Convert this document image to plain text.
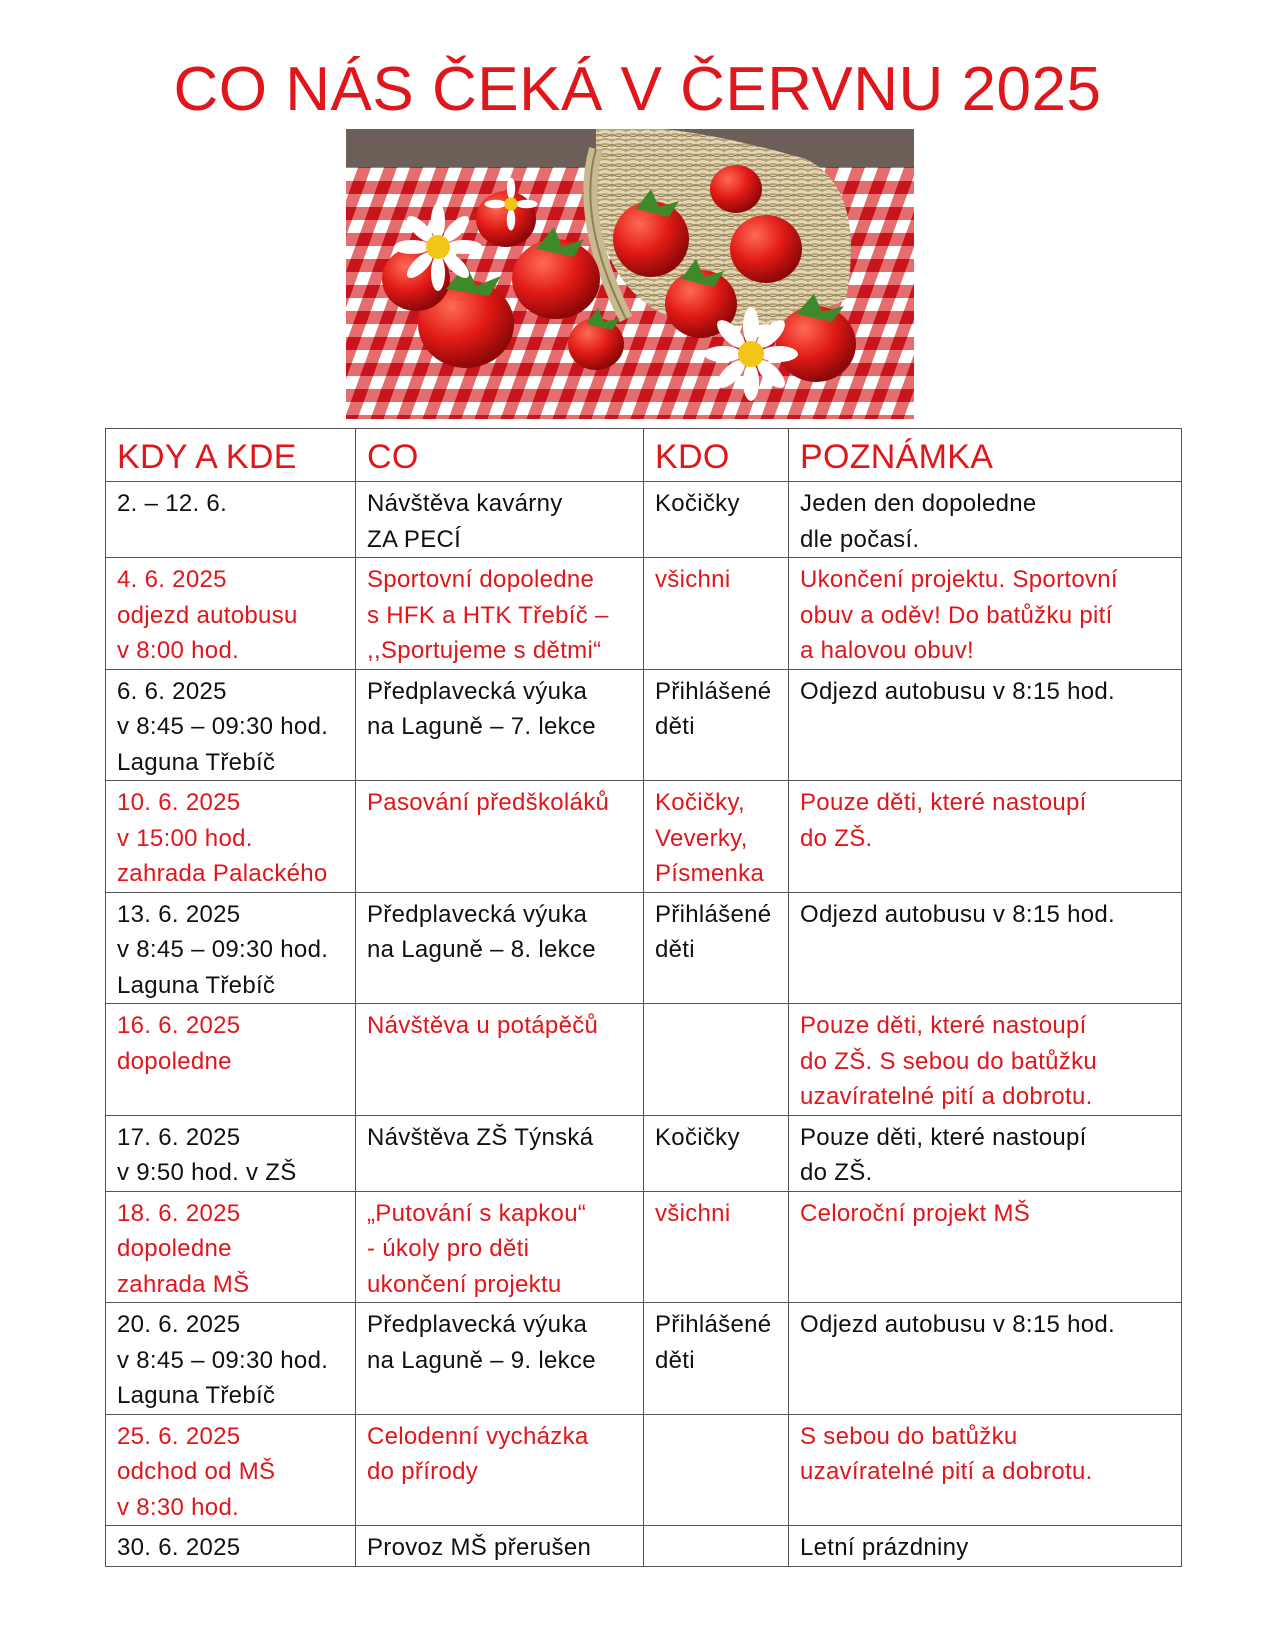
CO NÁS ČEKÁ V ČERVNU 2025
KDY A KDE	CO	KDO	POZNÁMKA

2. – 12. 6.	Návštěva kavárny
ZA PECÍ	Kočičky	Jeden den dopoledne
dle počasí.

4. 6. 2025
odjezd autobusu
v 8:00 hod.	Sportovní dopoledne
s HFK a HTK Třebíč –
,,Sportujeme s dětmi“	všichni	Ukončení projektu. Sportovní
obuv a oděv! Do batůžku pití
a halovou obuv!

6. 6. 2025
v 8:45 – 09:30 hod.
Laguna Třebíč	Předplavecká výuka
na Laguně – 7. lekce	Přihlášené
děti	Odjezd autobusu v 8:15 hod.

10. 6. 2025
v 15:00 hod.
zahrada Palackého	Pasování předškoláků	Kočičky,
Veverky,
Písmenka	Pouze děti, které nastoupí
do ZŠ.

13. 6. 2025
v 8:45 – 09:30 hod.
Laguna Třebíč	Předplavecká výuka
na Laguně – 8. lekce	Přihlášené
děti	Odjezd autobusu v 8:15 hod.

16. 6. 2025
dopoledne	Návštěva u potápěčů		Pouze děti, které nastoupí
do ZŠ. S sebou do batůžku
uzavíratelné pití a dobrotu.

17. 6. 2025
v 9:50 hod. v ZŠ	Návštěva ZŠ Týnská	Kočičky	Pouze děti, které nastoupí
do ZŠ.

18. 6. 2025
dopoledne
zahrada MŠ	„Putování s kapkou“
- úkoly pro děti
ukončení projektu	všichni	Celoroční projekt MŠ

20. 6. 2025
v 8:45 – 09:30 hod.
Laguna Třebíč	Předplavecká výuka
na Laguně – 9. lekce	Přihlášené
děti	Odjezd autobusu v 8:15 hod.

25. 6. 2025
odchod od MŠ
v 8:30 hod.	Celodenní vycházka
do přírody		S sebou do batůžku
uzavíratelné pití a dobrotu.

30. 6. 2025	Provoz MŠ přerušen		Letní prázdniny
